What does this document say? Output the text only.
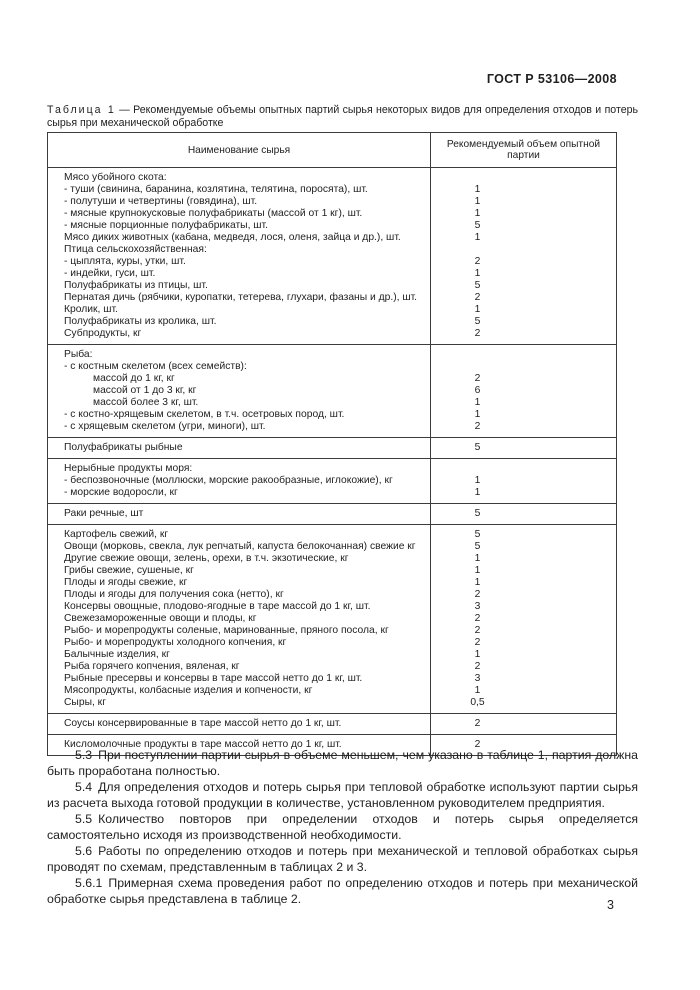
ГОСТ Р 53106—2008

Таблица 1 — Рекомендуемые объемы опытных партий сырья некоторых видов для определения отходов и потерь сырья при механической обработке

Наименование сырья	Рекомендуемый объем опытной партии
Мясо убойного скота:	
- туши (свинина, баранина, козлятина, телятина, поросята), шт.	1
- полутуши и четвертины (говядина), шт.	1
- мясные крупнокусковые полуфабрикаты (массой от 1 кг), шт.	1
- мясные порционные полуфабрикаты, шт.	5
Мясо диких животных (кабана, медведя, лося, оленя, зайца и др.), шт.	1
Птица сельскохозяйственная:	
- цыплята, куры, утки, шт.	2
- индейки, гуси, шт.	1
Полуфабрикаты из птицы, шт.	5
Пернатая дичь (рябчики, куропатки, тетерева, глухари, фазаны и др.), шт.	2
Кролик, шт.	1
Полуфабрикаты из кролика, шт.	5
Субпродукты, кг	2
Рыба:	
- с костным скелетом (всех семейств):	
массой до 1 кг, кг	2
массой от 1 до 3 кг, кг	6
массой более 3 кг, шт.	1
- с костно-хрящевым скелетом, в т.ч. осетровых пород, шт.	1
- с хрящевым скелетом (угри, миноги), шт.	2
Полуфабрикаты рыбные	5
Нерыбные продукты моря:	
- беспозвоночные (моллюски, морские ракообразные, иглокожие), кг	1
- морские водоросли, кг	1
Раки речные, шт	5
Картофель свежий, кг	5
Овощи (морковь, свекла, лук репчатый, капуста белокочанная) свежие кг	5
Другие свежие овощи, зелень, орехи, в т.ч. экзотические, кг	1
Грибы свежие, сушеные, кг	1
Плоды и ягоды свежие, кг	1
Плоды и ягоды для получения сока (нетто), кг	2
Консервы овощные, плодово-ягодные в таре массой до 1 кг, шт.	3
Свежезамороженные овощи и плоды, кг	2
Рыбо- и морепродукты соленые, маринованные, пряного посола, кг	2
Рыбо- и морепродукты холодного копчения, кг	2
Балычные изделия, кг	1
Рыба горячего копчения, вяленая, кг	2
Рыбные пресервы и консервы в таре массой нетто до 1 кг, шт.	3
Мясопродукты, колбасные изделия и копчености, кг	1
Сыры, кг	0,5
Соусы консервированные в таре массой нетто до 1 кг, шт.	2
Кисломолочные продукты в таре массой нетто до 1 кг, шт.	2

5.3 При поступлении партии сырья в объеме меньшем, чем указано в таблице 1, партия должна быть проработана полностью.

5.4 Для определения отходов и потерь сырья при тепловой обработке используют партии сырья из расчета выхода готовой продукции в количестве, установленном руководителем предприятия.

5.5 Количество повторов при определении отходов и потерь сырья определяется самостоятельно исходя из производственной необходимости.

5.6 Работы по определению отходов и потерь при механической и тепловой обработках сырья проводят по схемам, представленным в таблицах 2 и 3.

5.6.1 Примерная схема проведения работ по определению отходов и потерь при механической обработке сырья представлена в таблице 2.	3
